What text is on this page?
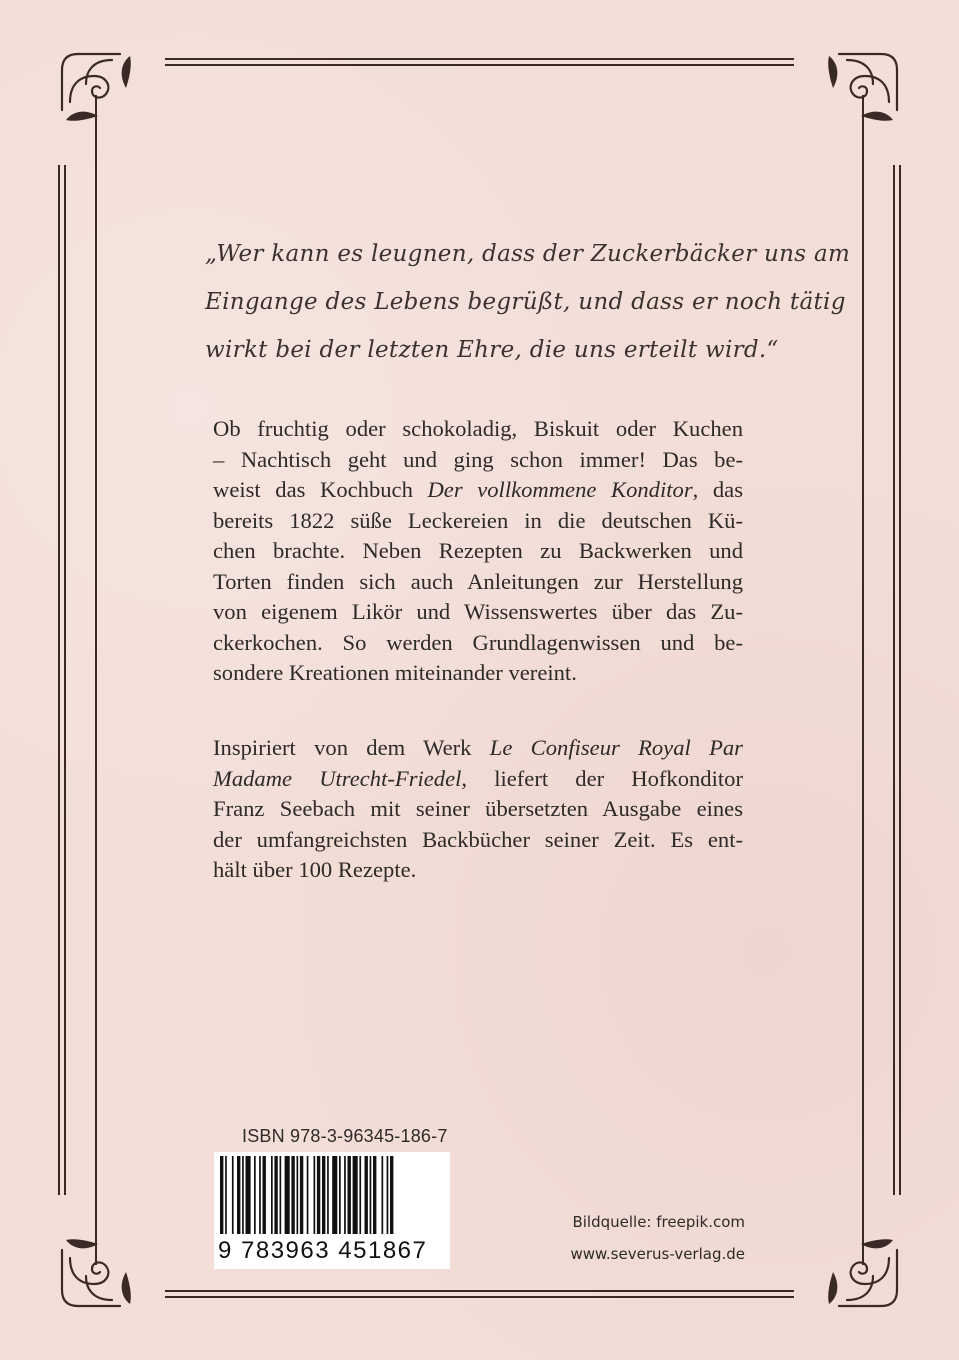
„Wer kann es leugnen, dass der Zuckerbäcker uns am
Eingange des Lebens begrüßt, und dass er noch tätig
wirkt bei der letzten Ehre, die uns erteilt wird.“
Ob fruchtig oder schokoladig, Biskuit oder Kuchen
– Nachtisch geht und ging schon immer! Das be-
weist das Kochbuch Der vollkommene Konditor, das
bereits 1822 süße Leckereien in die deutschen Kü-
chen brachte. Neben Rezepten zu Backwerken und
Torten finden sich auch Anleitungen zur Herstellung
von eigenem Likör und Wissenswertes über das Zu-
ckerkochen. So werden Grundlagenwissen und be-
sondere Kreationen miteinander vereint.
Inspiriert von dem Werk Le Confiseur Royal Par
Madame Utrecht-Friedel, liefert der Hofkonditor
Franz Seebach mit seiner übersetzten Ausgabe eines
der umfangreichsten Backbücher seiner Zeit. Es ent-
hält über 100 Rezepte.
ISBN 978-3-96345-186-7
9 783963 451867
Bildquelle: freepik.com
www.severus-verlag.de
